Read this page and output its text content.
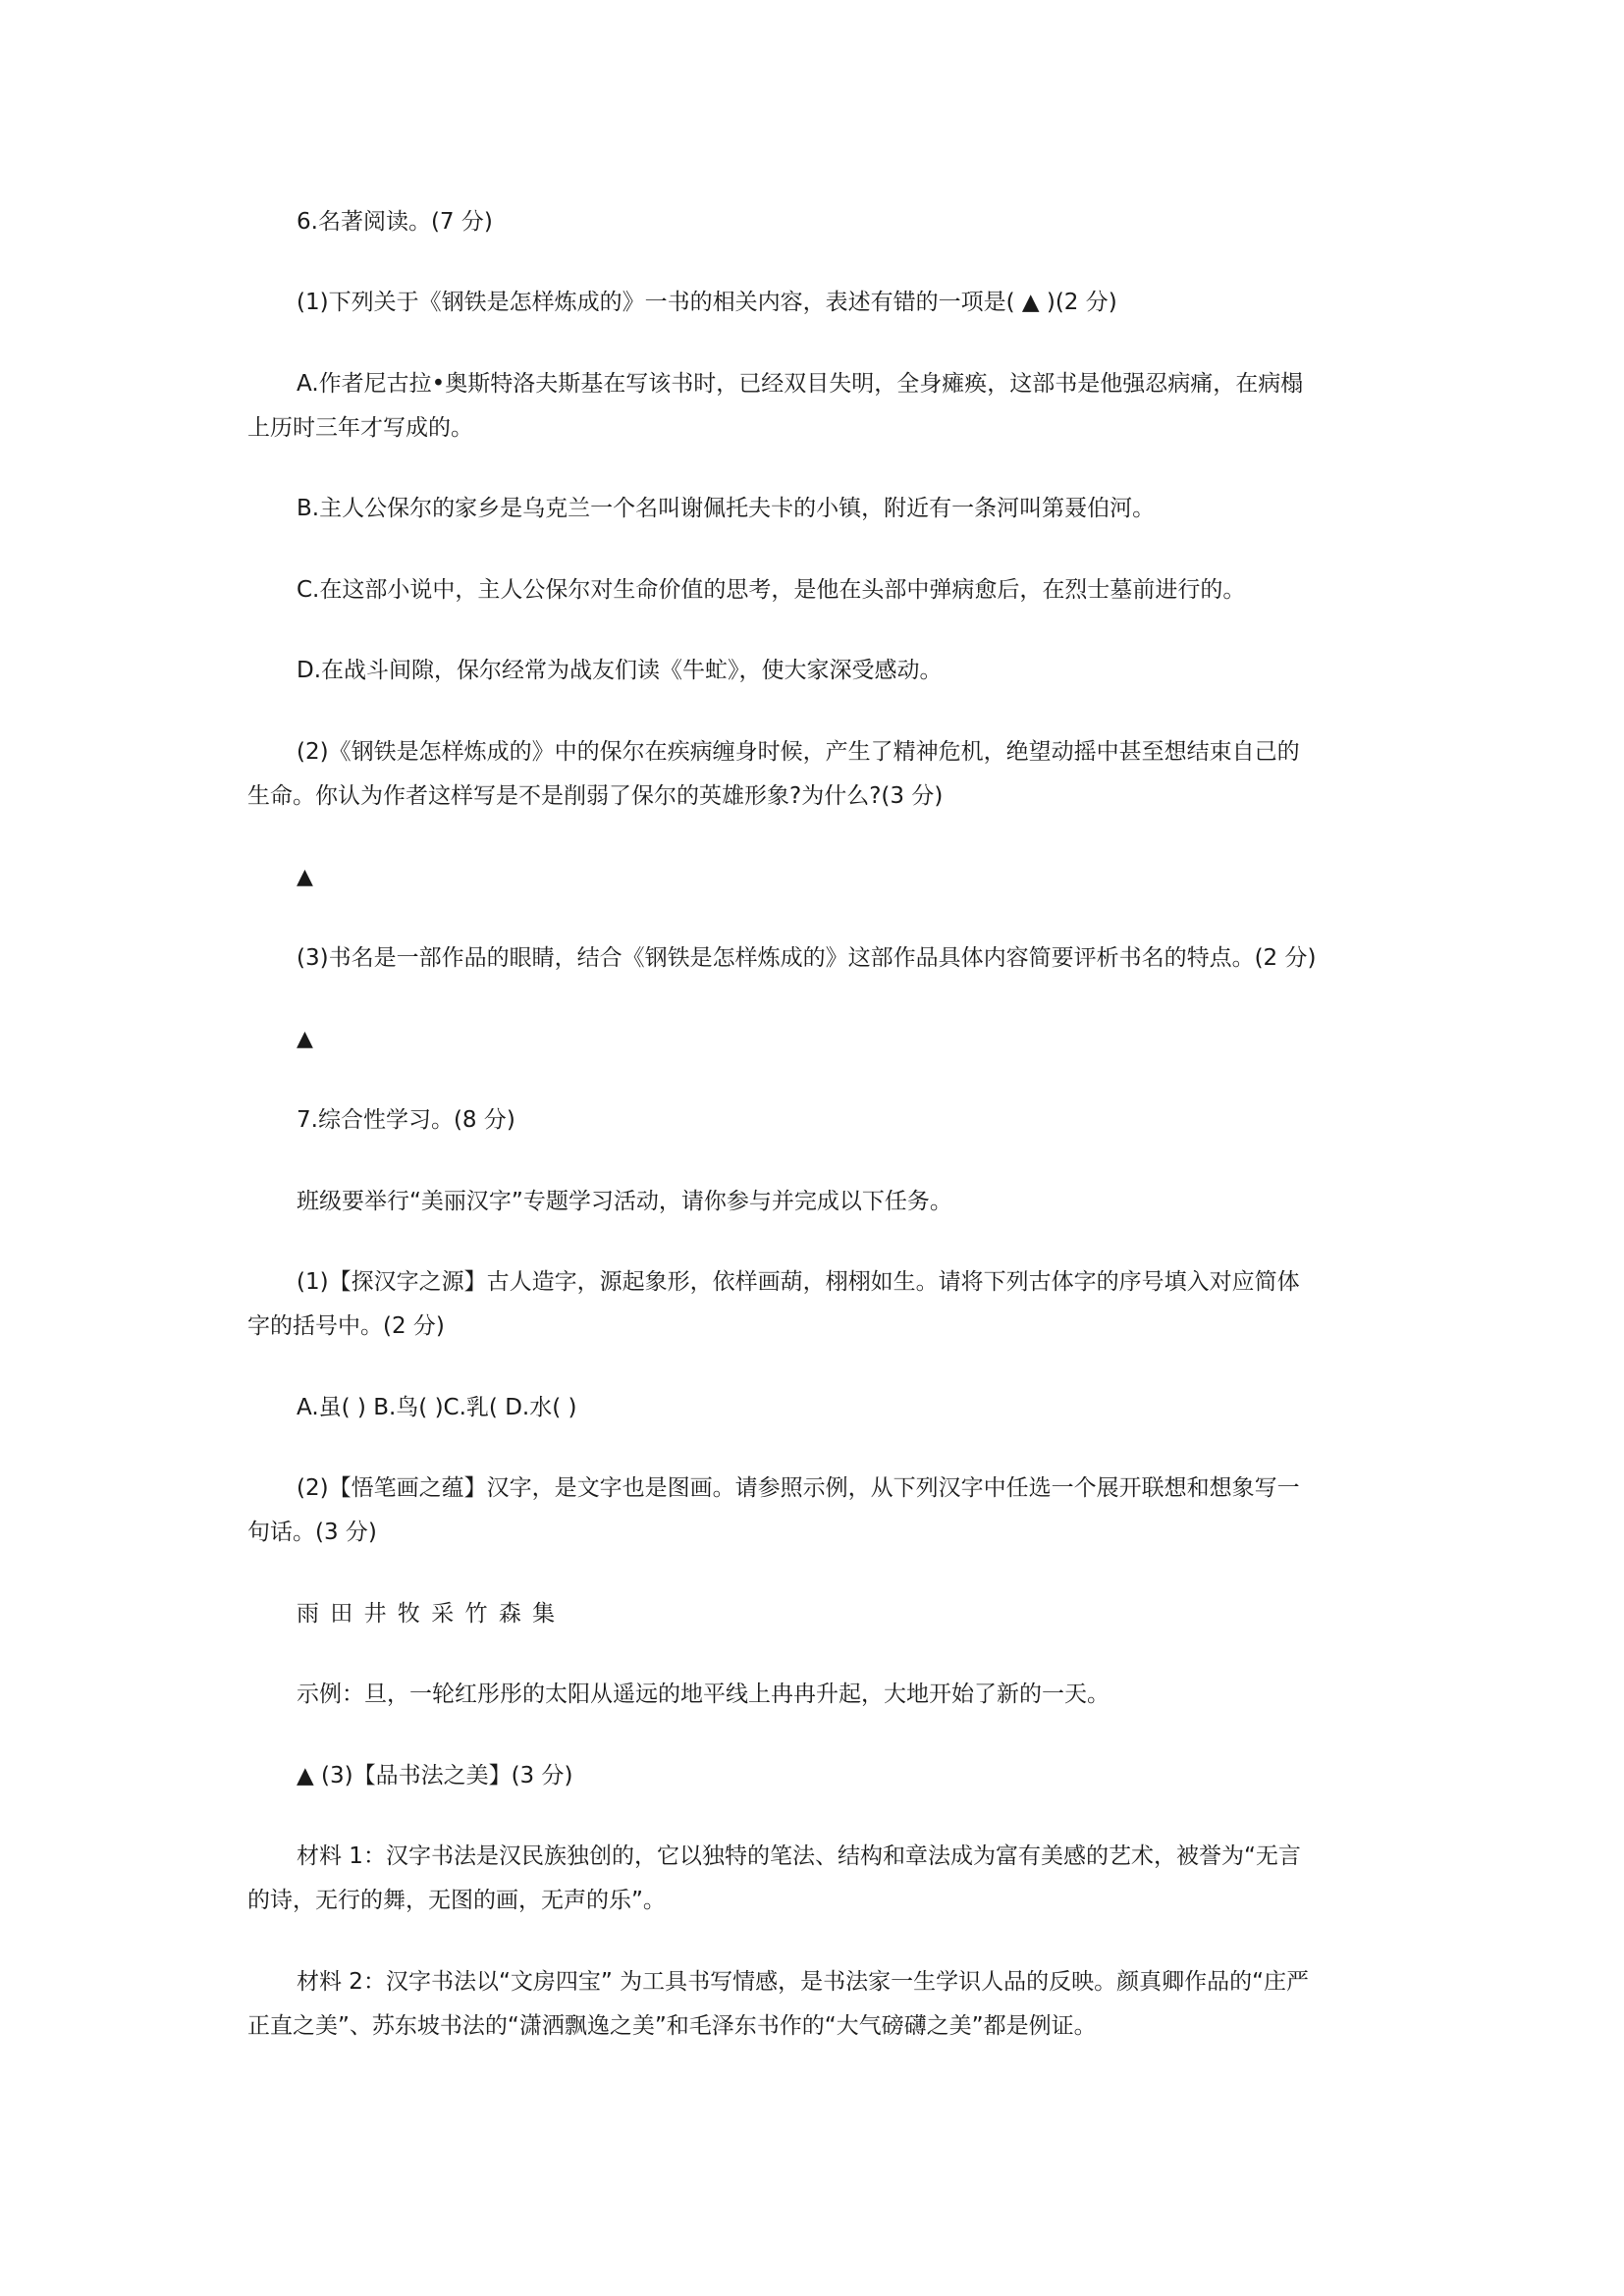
6.名著阅读。(7 分)
(1)下列关于《钢铁是怎样炼成的》一书的相关内容，表述有错的一项是( ▲ )(2 分)
A.作者尼古拉•奥斯特洛夫斯基在写该书时，已经双目失明，全身瘫痪，这部书是他强忍病痛，在病榻
上历时三年才写成的。
B.主人公保尔的家乡是乌克兰一个名叫谢佩托夫卡的小镇，附近有一条河叫第聂伯河。
C.在这部小说中，主人公保尔对生命价值的思考，是他在头部中弹病愈后，在烈士墓前进行的。
D.在战斗间隙，保尔经常为战友们读《牛虻》，使大家深受感动。
(2)《钢铁是怎样炼成的》中的保尔在疾病缠身时候，产生了精神危机，绝望动摇中甚至想结束自己的
生命。你认为作者这样写是不是削弱了保尔的英雄形象?为什么?(3 分)
▲
(3)书名是一部作品的眼睛，结合《钢铁是怎样炼成的》这部作品具体内容简要评析书名的特点。(2 分)
▲
7.综合性学习。(8 分)
班级要举行“美丽汉字”专题学习活动，请你参与并完成以下任务。
(1)【探汉字之源】古人造字，源起象形，依样画葫，栩栩如生。请将下列古体字的序号填入对应简体
字的括号中。(2 分)
A.虽( ) B.鸟( )C.乳( D.水( )
(2)【悟笔画之蕴】汉字，是文字也是图画。请参照示例，从下列汉字中任选一个展开联想和想象写一
句话。(3 分)
雨 田 井 牧 采 竹 森 集
示例：旦，一轮红彤彤的太阳从遥远的地平线上冉冉升起，大地开始了新的一天。
▲ (3)【品书法之美】(3 分)
材料 1：汉字书法是汉民族独创的，它以独特的笔法、结构和章法成为富有美感的艺术，被誉为“无言
的诗，无行的舞，无图的画，无声的乐”。
材料 2：汉字书法以“文房四宝” 为工具书写情感，是书法家一生学识人品的反映。颜真卿作品的“庄严
正直之美”、苏东坡书法的“潇洒飘逸之美”和毛泽东书作的“大气磅礴之美”都是例证。
